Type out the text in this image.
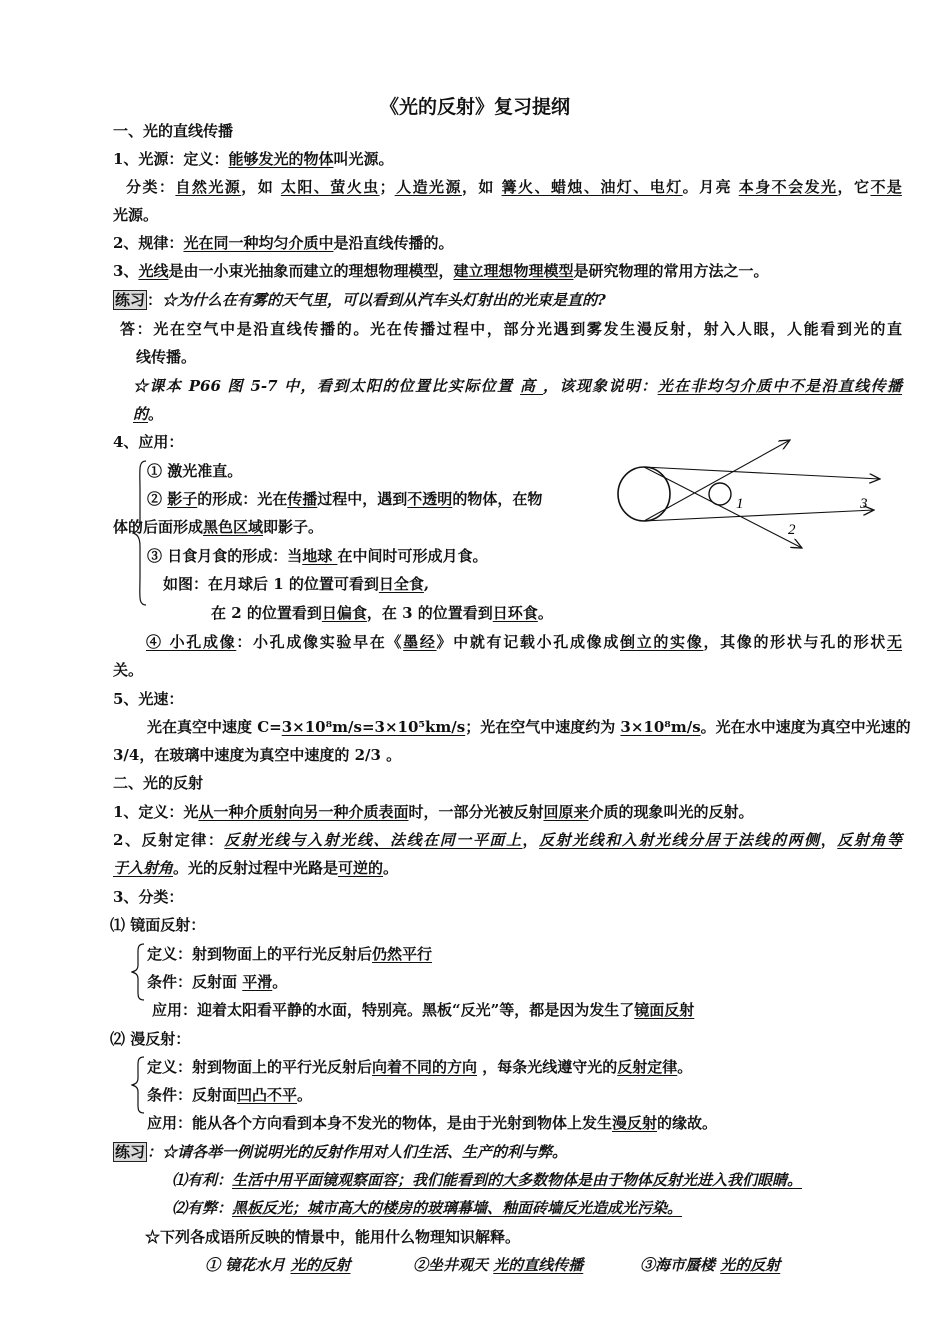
《光的反射》复习提纲
一、光的直线传播
1、光源：定义：能够发光的物体叫光源。
分类：自然光源，如 太阳、萤火虫；人造光源，如 篝火、蜡烛、油灯、电灯。月亮 本身不会发光，它不是
光源。
2、规律：光在同一种均匀介质中是沿直线传播的。
3、光线是由一小束光抽象而建立的理想物理模型，建立理想物理模型是研究物理的常用方法之一。
练习 ：☆为什么在有雾的天气里，可以看到从汽车头灯射出的光束是直的?
答：光在空气中是沿直线传播的。光在传播过程中，部分光遇到雾发生漫反射，射入人眼，人能看到光的直
线传播。
☆课本 P66 图 5-7 中，看到太阳的位置比实际位置 高 ，该现象说明：光在非均匀介质中不是沿直线传播
的。
4、应用：
① 激光准直。
② 影子的形成：光在传播过程中，遇到不透明的物体，在物
体的后面形成黑色区域即影子。
③ 日食月食的形成：当地球 在中间时可形成月食。
如图：在月球后 1 的位置可看到日全食,
在 2 的位置看到日偏食，在 3 的位置看到日环食。
1
2
3
④ 小孔成像：小孔成像实验早在《墨经》中就有记载小孔成像成倒立的实像，其像的形状与孔的形状无
关。
5、光速：
光在真空中速度 C=3×10⁸m/s=3×10⁵km/s；光在空气中速度约为 3×10⁸m/s。光在水中速度为真空中光速的
3/4，在玻璃中速度为真空中速度的 2/3 。
二、光的反射
1、定义：光从一种介质射向另一种介质表面时，一部分光被反射回原来介质的现象叫光的反射。
2、反射定律：反射光线与入射光线、法线在同一平面上，反射光线和入射光线分居于法线的两侧，反射角等
于入射角。光的反射过程中光路是可逆的。
3、分类：
⑴ 镜面反射：
定义：射到物面上的平行光反射后仍然平行
条件：反射面 平滑。
应用：迎着太阳看平静的水面，特别亮。黑板“反光”等，都是因为发生了镜面反射
⑵ 漫反射：
定义：射到物面上的平行光反射后向着不同的方向 ，每条光线遵守光的反射定律。
条件：反射面凹凸不平。
应用：能从各个方向看到本身不发光的物体，是由于光射到物体上发生漫反射的缘故。
练习 ：☆请各举一例说明光的反射作用对人们生活、生产的利与弊。
⑴有利：生活中用平面镜观察面容；我们能看到的大多数物体是由于物体反射光进入我们眼睛。
⑵有弊：黑板反光；城市高大的楼房的玻璃幕墙、釉面砖墙反光造成光污染。
☆下列各成语所反映的情景中，能用什么物理知识解释。
① 镜花水月 光的反射	②坐井观天 光的直线传播	③海市蜃楼 光的反射
